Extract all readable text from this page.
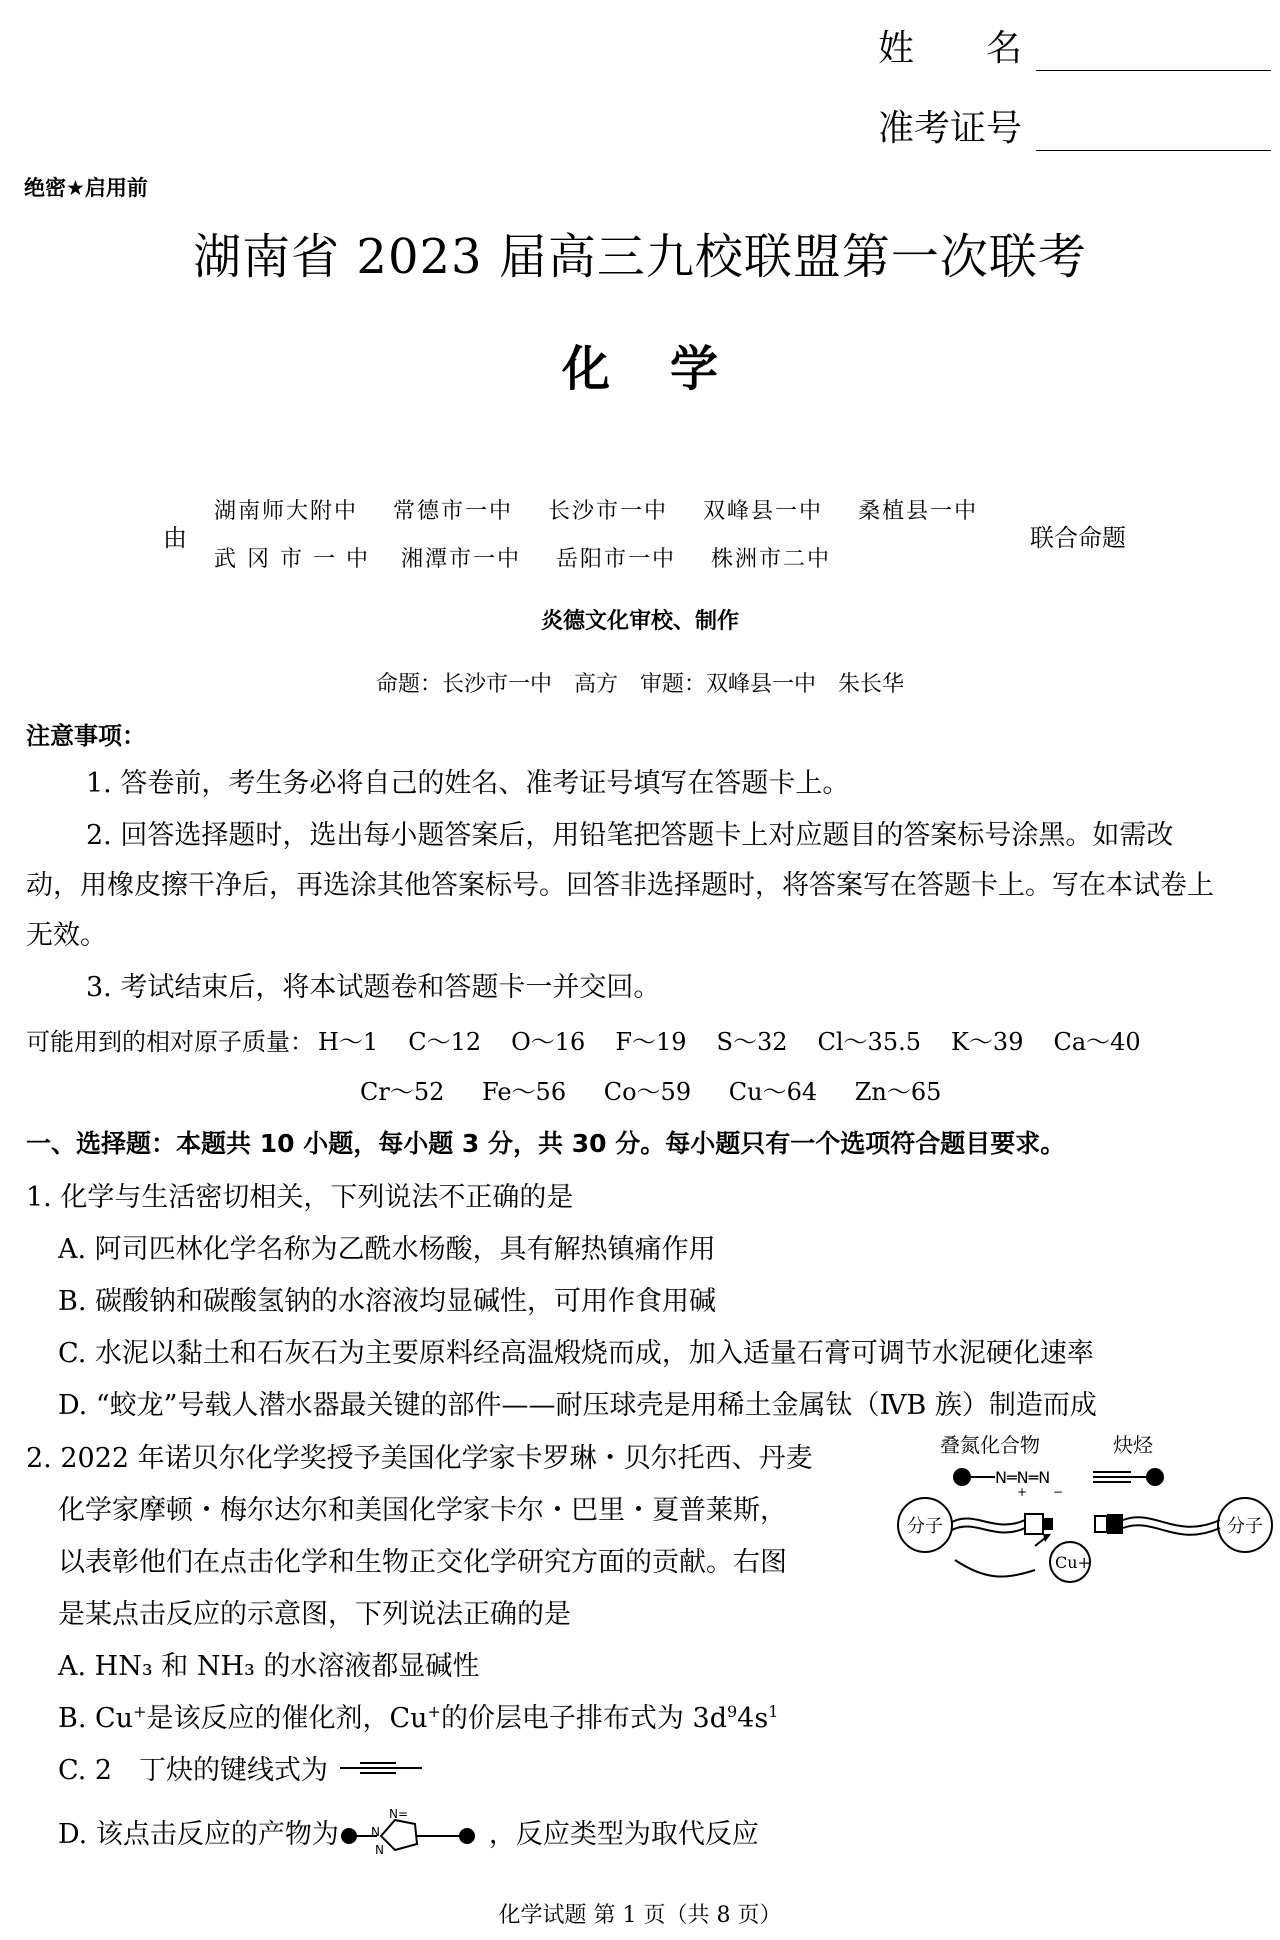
姓　　名
准考证号
绝密★启用前
湖南省 2023 届高三九校联盟第一次联考
化学
由
湖南师大附中 常德市一中 长沙市一中 双峰县一中 桑植县一中
武 冈 市 一 中 湘潭市一中 岳阳市一中 株洲市二中
联合命题
炎德文化审校、制作
命题：长沙市一中　高方　审题：双峰县一中　朱长华
注意事项：
1. 答卷前，考生务必将自己的姓名、准考证号填写在答题卡上。
2. 回答选择题时，选出每小题答案后，用铅笔把答题卡上对应题目的答案标号涂黑。如需改
动，用橡皮擦干净后，再选涂其他答案标号。回答非选择题时，将答案写在答题卡上。写在本试卷上
无效。
3. 考试结束后，将本试题卷和答题卡一并交回。
可能用到的相对原子质量： H～1 C～12 O～16 F～19 S～32 Cl～35.5 K～39 Ca～40
Cr～52 Fe～56 Co～59 Cu～64 Zn～65
一、选择题：本题共 10 小题，每小题 3 分，共 30 分。每小题只有一个选项符合题目要求。
1. 化学与生活密切相关，下列说法不正确的是
A. 阿司匹林化学名称为乙酰水杨酸，具有解热镇痛作用
B. 碳酸钠和碳酸氢钠的水溶液均显碱性，可用作食用碱
C. 水泥以黏土和石灰石为主要原料经高温煅烧而成，加入适量石膏可调节水泥硬化速率
D. “蛟龙”号载人潜水器最关键的部件——耐压球壳是用稀土金属钛（ⅣB 族）制造而成
2. 2022 年诺贝尔化学奖授予美国化学家卡罗琳・贝尔托西、丹麦
化学家摩顿・梅尔达尔和美国化学家卡尔・巴里・夏普莱斯，
以表彰他们在点击化学和生物正交化学研究方面的贡献。右图
是某点击反应的示意图，下列说法正确的是
A. HN₃ 和 NH₃ 的水溶液都显碱性
B. Cu+是该反应的催化剂，Cu+的价层电子排布式为 $3d^94s^1$
C. 2　丁炔的键线式为
D. 该点击反应的产物为
N=
N
N
，反应类型为取代反应
叠氮化合物	炔烃
N═N═N
+ −
分子	分子
Cu+
化学试题 第 1 页（共 8 页）
